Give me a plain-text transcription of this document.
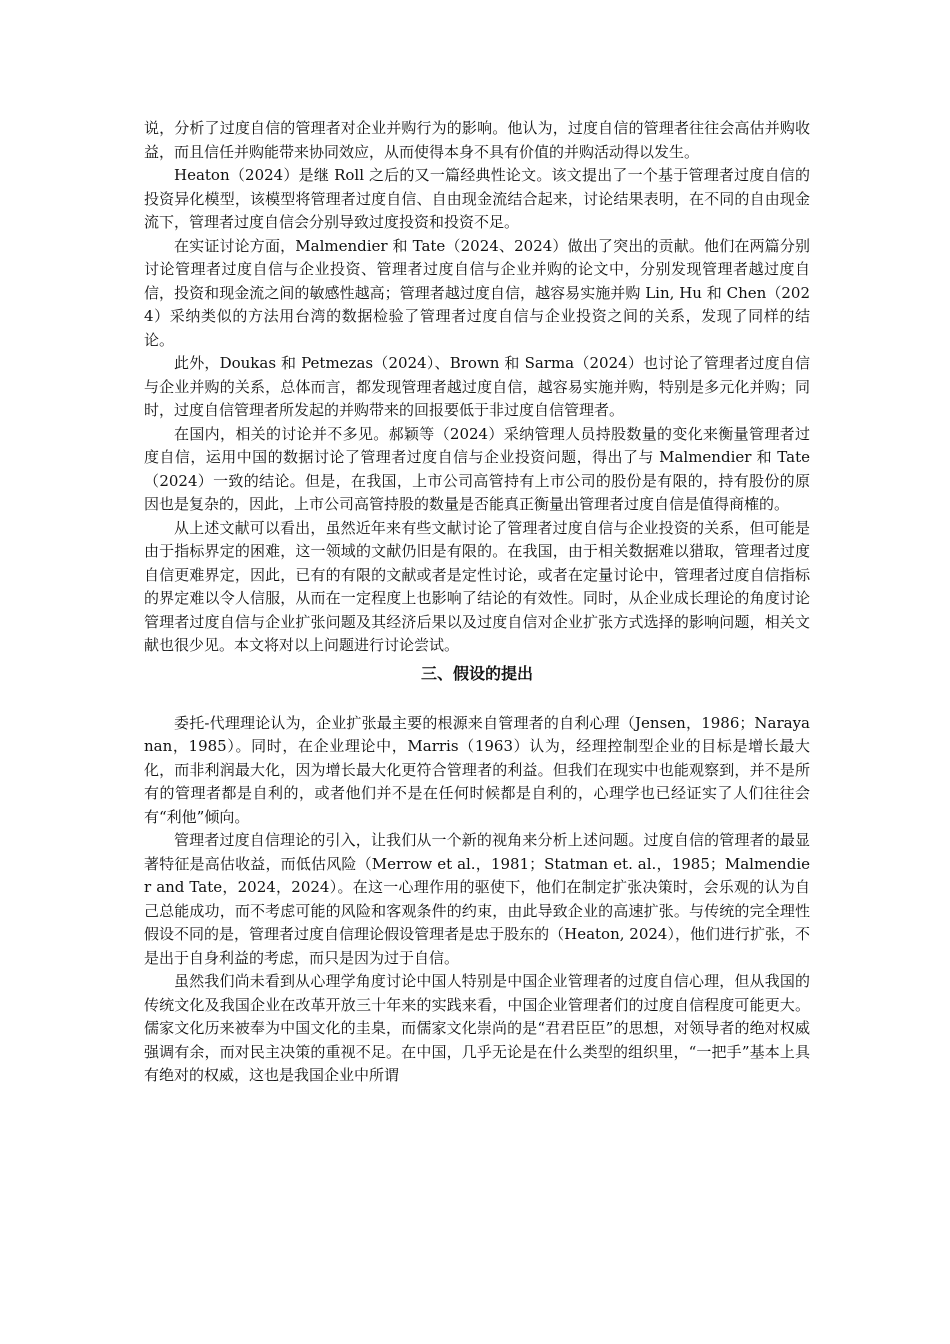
说，分析了过度自信的管理者对企业并购行为的影响。他认为，过度自信的管理者往往会高估并购收益，而且信任并购能带来协同效应，从而使得本身不具有价值的并购活动得以发生。

Heaton（2024）是继 Roll 之后的又一篇经典性论文。该文提出了一个基于管理者过度自信的投资异化模型，该模型将管理者过度自信、自由现金流结合起来，讨论结果表明，在不同的自由现金流下，管理者过度自信会分别导致过度投资和投资不足。

在实证讨论方面，Malmendier 和 Tate（2024、2024）做出了突出的贡献。他们在两篇分别讨论管理者过度自信与企业投资、管理者过度自信与企业并购的论文中，分别发现管理者越过度自信，投资和现金流之间的敏感性越高；管理者越过度自信，越容易实施并购 Lin, Hu 和 Chen（2024）采纳类似的方法用台湾的数据检验了管理者过度自信与企业投资之间的关系，发现了同样的结论。

此外，Doukas 和 Petmezas（2024）、Brown 和 Sarma（2024）也讨论了管理者过度自信与企业并购的关系，总体而言，都发现管理者越过度自信，越容易实施并购，特别是多元化并购；同时，过度自信管理者所发起的并购带来的回报要低于非过度自信管理者。

在国内，相关的讨论并不多见。郝颖等（2024）采纳管理人员持股数量的变化来衡量管理者过度自信，运用中国的数据讨论了管理者过度自信与企业投资问题，得出了与 Malmendier 和 Tate（2024）一致的结论。但是，在我国，上市公司高管持有上市公司的股份是有限的，持有股份的原因也是复杂的，因此，上市公司高管持股的数量是否能真正衡量出管理者过度自信是值得商榷的。

从上述文献可以看出，虽然近年来有些文献讨论了管理者过度自信与企业投资的关系，但可能是由于指标界定的困难，这一领域的文献仍旧是有限的。在我国，由于相关数据难以猎取，管理者过度自信更难界定，因此，已有的有限的文献或者是定性讨论，或者在定量讨论中，管理者过度自信指标的界定难以令人信服，从而在一定程度上也影响了结论的有效性。同时，从企业成长理论的角度讨论管理者过度自信与企业扩张问题及其经济后果以及过度自信对企业扩张方式选择的影响问题，相关文献也很少见。本文将对以上问题进行讨论尝试。

三、假设的提出

委托-代理理论认为，企业扩张最主要的根源来自管理者的自利心理（Jensen，1986；Narayanan，1985）。同时，在企业理论中，Marris（1963）认为，经理控制型企业的目标是增长最大化，而非利润最大化，因为增长最大化更符合管理者的利益。但我们在现实中也能观察到，并不是所有的管理者都是自利的，或者他们并不是在任何时候都是自利的，心理学也已经证实了人们往往会有“利他”倾向。

管理者过度自信理论的引入，让我们从一个新的视角来分析上述问题。过度自信的管理者的最显著特征是高估收益，而低估风险（Merrow et al.，1981；Statman et. al.，1985；Malmendier and Tate，2024，2024）。在这一心理作用的驱使下，他们在制定扩张决策时，会乐观的认为自己总能成功，而不考虑可能的风险和客观条件的约束，由此导致企业的高速扩张。与传统的完全理性假设不同的是，管理者过度自信理论假设管理者是忠于股东的（Heaton, 2024），他们进行扩张，不是出于自身利益的考虑，而只是因为过于自信。

虽然我们尚未看到从心理学角度讨论中国人特别是中国企业管理者的过度自信心理，但从我国的传统文化及我国企业在改革开放三十年来的实践来看，中国企业管理者们的过度自信程度可能更大。儒家文化历来被奉为中国文化的圭臬，而儒家文化崇尚的是“君君臣臣”的思想，对领导者的绝对权威强调有余，而对民主决策的重视不足。在中国，几乎无论是在什么类型的组织里，“一把手”基本上具有绝对的权威，这也是我国企业中所谓
